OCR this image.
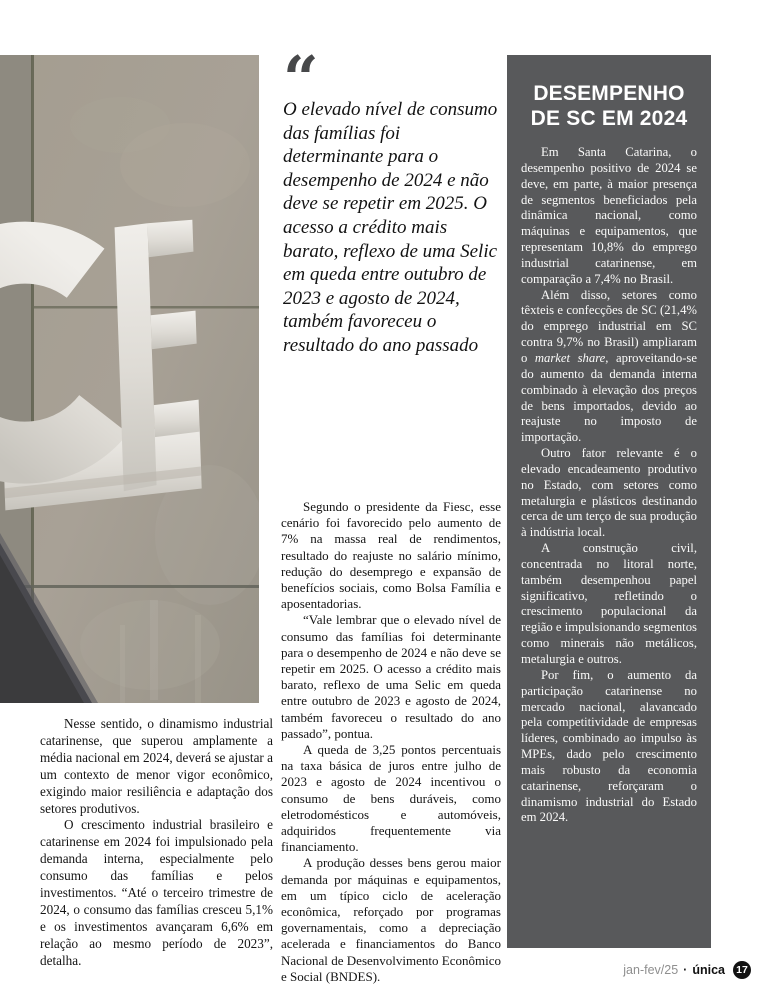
“
O elevado nível de consumo das famílias foi determinante para o desempenho de 2024 e não deve se repetir em 2025. O acesso a crédito mais barato, reflexo de uma Selic em queda entre outubro de 2023 e agosto de 2024, também favoreceu o resultado do ano passado

Segundo o presidente da Fiesc, esse cenário foi favorecido pelo aumento de 7% na massa real de rendimentos, resultado do reajuste no salário mínimo, redução do desemprego e expansão de benefícios sociais, como Bolsa Família e aposentadorias.

“Vale lembrar que o elevado nível de consumo das famílias foi determinante para o desempenho de 2024 e não deve se repetir em 2025. O acesso a crédito mais barato, reflexo de uma Selic em queda entre outubro de 2023 e agosto de 2024, também favoreceu o resultado do ano passado”, pontua.

A queda de 3,25 pontos percentuais na taxa básica de juros entre julho de 2023 e agosto de 2024 incentivou o consumo de bens duráveis, como eletrodomésticos e automóveis, adquiridos frequentemente via financiamento.

A produção desses bens gerou maior demanda por máquinas e equipamentos, em um típico ciclo de aceleração econômica, reforçado por programas governamentais, como a depreciação acelerada e financiamentos do Banco Nacional de Desenvolvimento Econômico e Social (BNDES).

Nesse sentido, o dinamismo industrial catarinense, que superou amplamente a média nacional em 2024, deverá se ajustar a um contexto de menor vigor econômico, exigindo maior resiliência e adaptação dos setores produtivos.

O crescimento industrial brasileiro e catarinense em 2024 foi impulsionado pela demanda interna, especialmente pelo consumo das famílias e pelos investimentos. “Até o terceiro trimestre de 2024, o consumo das famílias cresceu 5,1% e os investimentos avançaram 6,6% em relação ao mesmo período de 2023”, detalha.

DESEMPENHO
DE SC EM 2024

Em Santa Catarina, o desempenho positivo de 2024 se deve, em parte, à maior presença de segmentos beneficiados pela dinâmica nacional, como máquinas e equipamentos, que representam 10,8% do emprego industrial catarinense, em comparação a 7,4% no Brasil.

Além disso, setores como têxteis e confecções de SC (21,4% do emprego industrial em SC contra 9,7% no Brasil) ampliaram o market share, aproveitando-se do aumento da demanda interna combinado à elevação dos preços de bens importados, devido ao reajuste no imposto de importação.

Outro fator relevante é o elevado encadeamento produtivo no Estado, com setores como metalurgia e plásticos destinando cerca de um terço de sua produção à indústria local.

A construção civil, concentrada no litoral norte, também desempenhou papel significativo, refletindo o crescimento populacional da região e impulsionando segmentos como minerais não metálicos, metalurgia e outros.

Por fim, o aumento da participação catarinense no mercado nacional, alavancado pela competitividade de empresas líderes, combinado ao impulso às MPEs, dado pelo crescimento mais robusto da economia catarinense, reforçaram o dinamismo industrial do Estado em 2024.

jan-fev/25 · única	17
